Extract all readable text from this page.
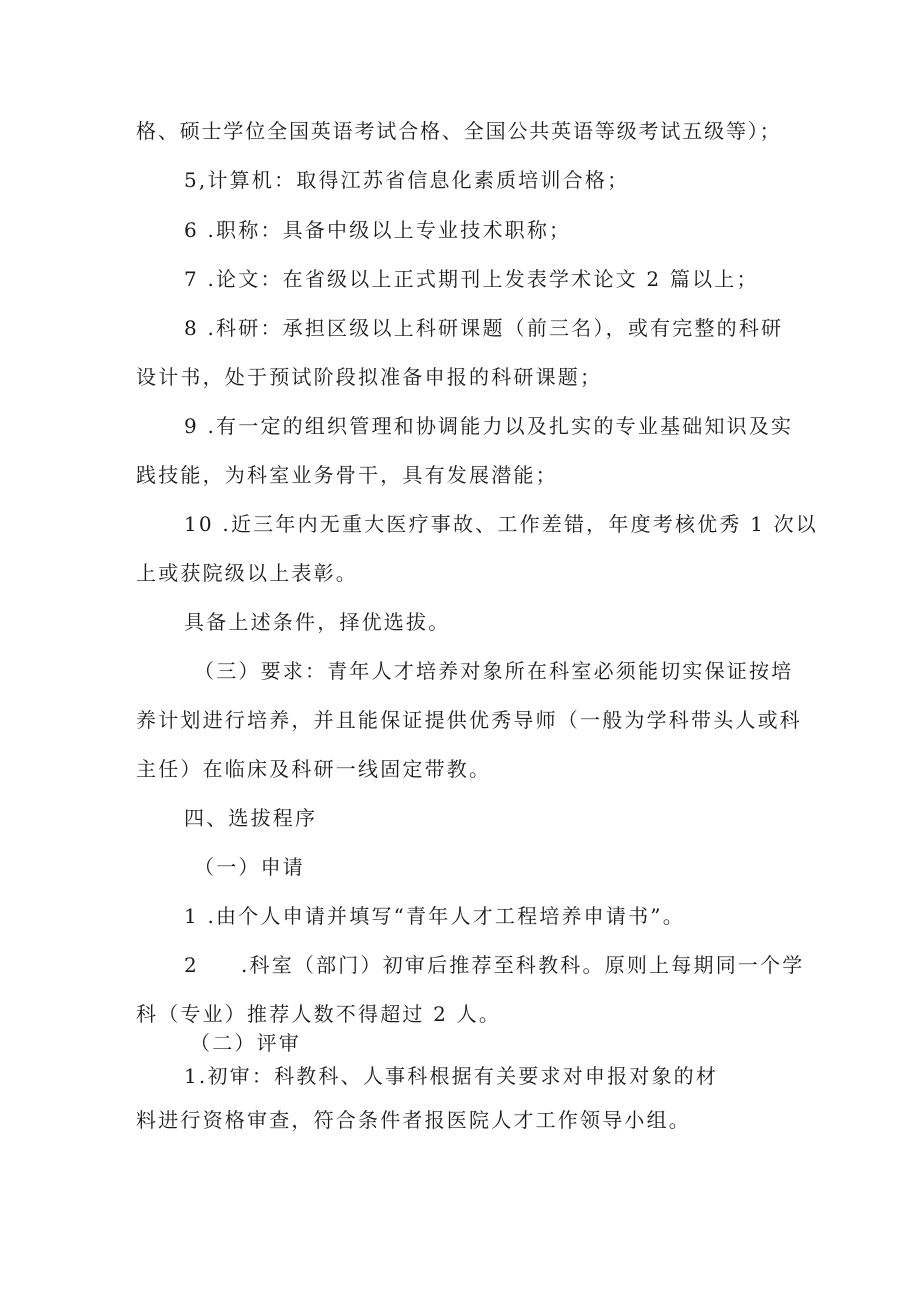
格、硕士学位全国英语考试合格、全国公共英语等级考试五级等）；
5,计算机：取得江苏省信息化素质培训合格；
6 .职称：具备中级以上专业技术职称；
7 .论文：在省级以上正式期刊上发表学术论文 2 篇以上；
8 .科研：承担区级以上科研课题（前三名），或有完整的科研
设计书，处于预试阶段拟准备申报的科研课题；
9 .有一定的组织管理和协调能力以及扎实的专业基础知识及实
践技能，为科室业务骨干，具有发展潜能；
10 .近三年内无重大医疗事故、工作差错，年度考核优秀 1 次以
上或获院级以上表彰。
具备上述条件，择优选拔。
（三）要求：青年人才培养对象所在科室必须能切实保证按培
养计划进行培养，并且能保证提供优秀导师（一般为学科带头人或科
主任）在临床及科研一线固定带教。
四、选拔程序
（一）申请
1 .由个人申请并填写“青年人才工程培养申请书”。
2 .科室（部门）初审后推荐至科教科。原则上每期同一个学
科（专业）推荐人数不得超过 2 人。
（二）评审
1.初审：科教科、人事科根据有关要求对申报对象的材
料进行资格审查，符合条件者报医院人才工作领导小组。
